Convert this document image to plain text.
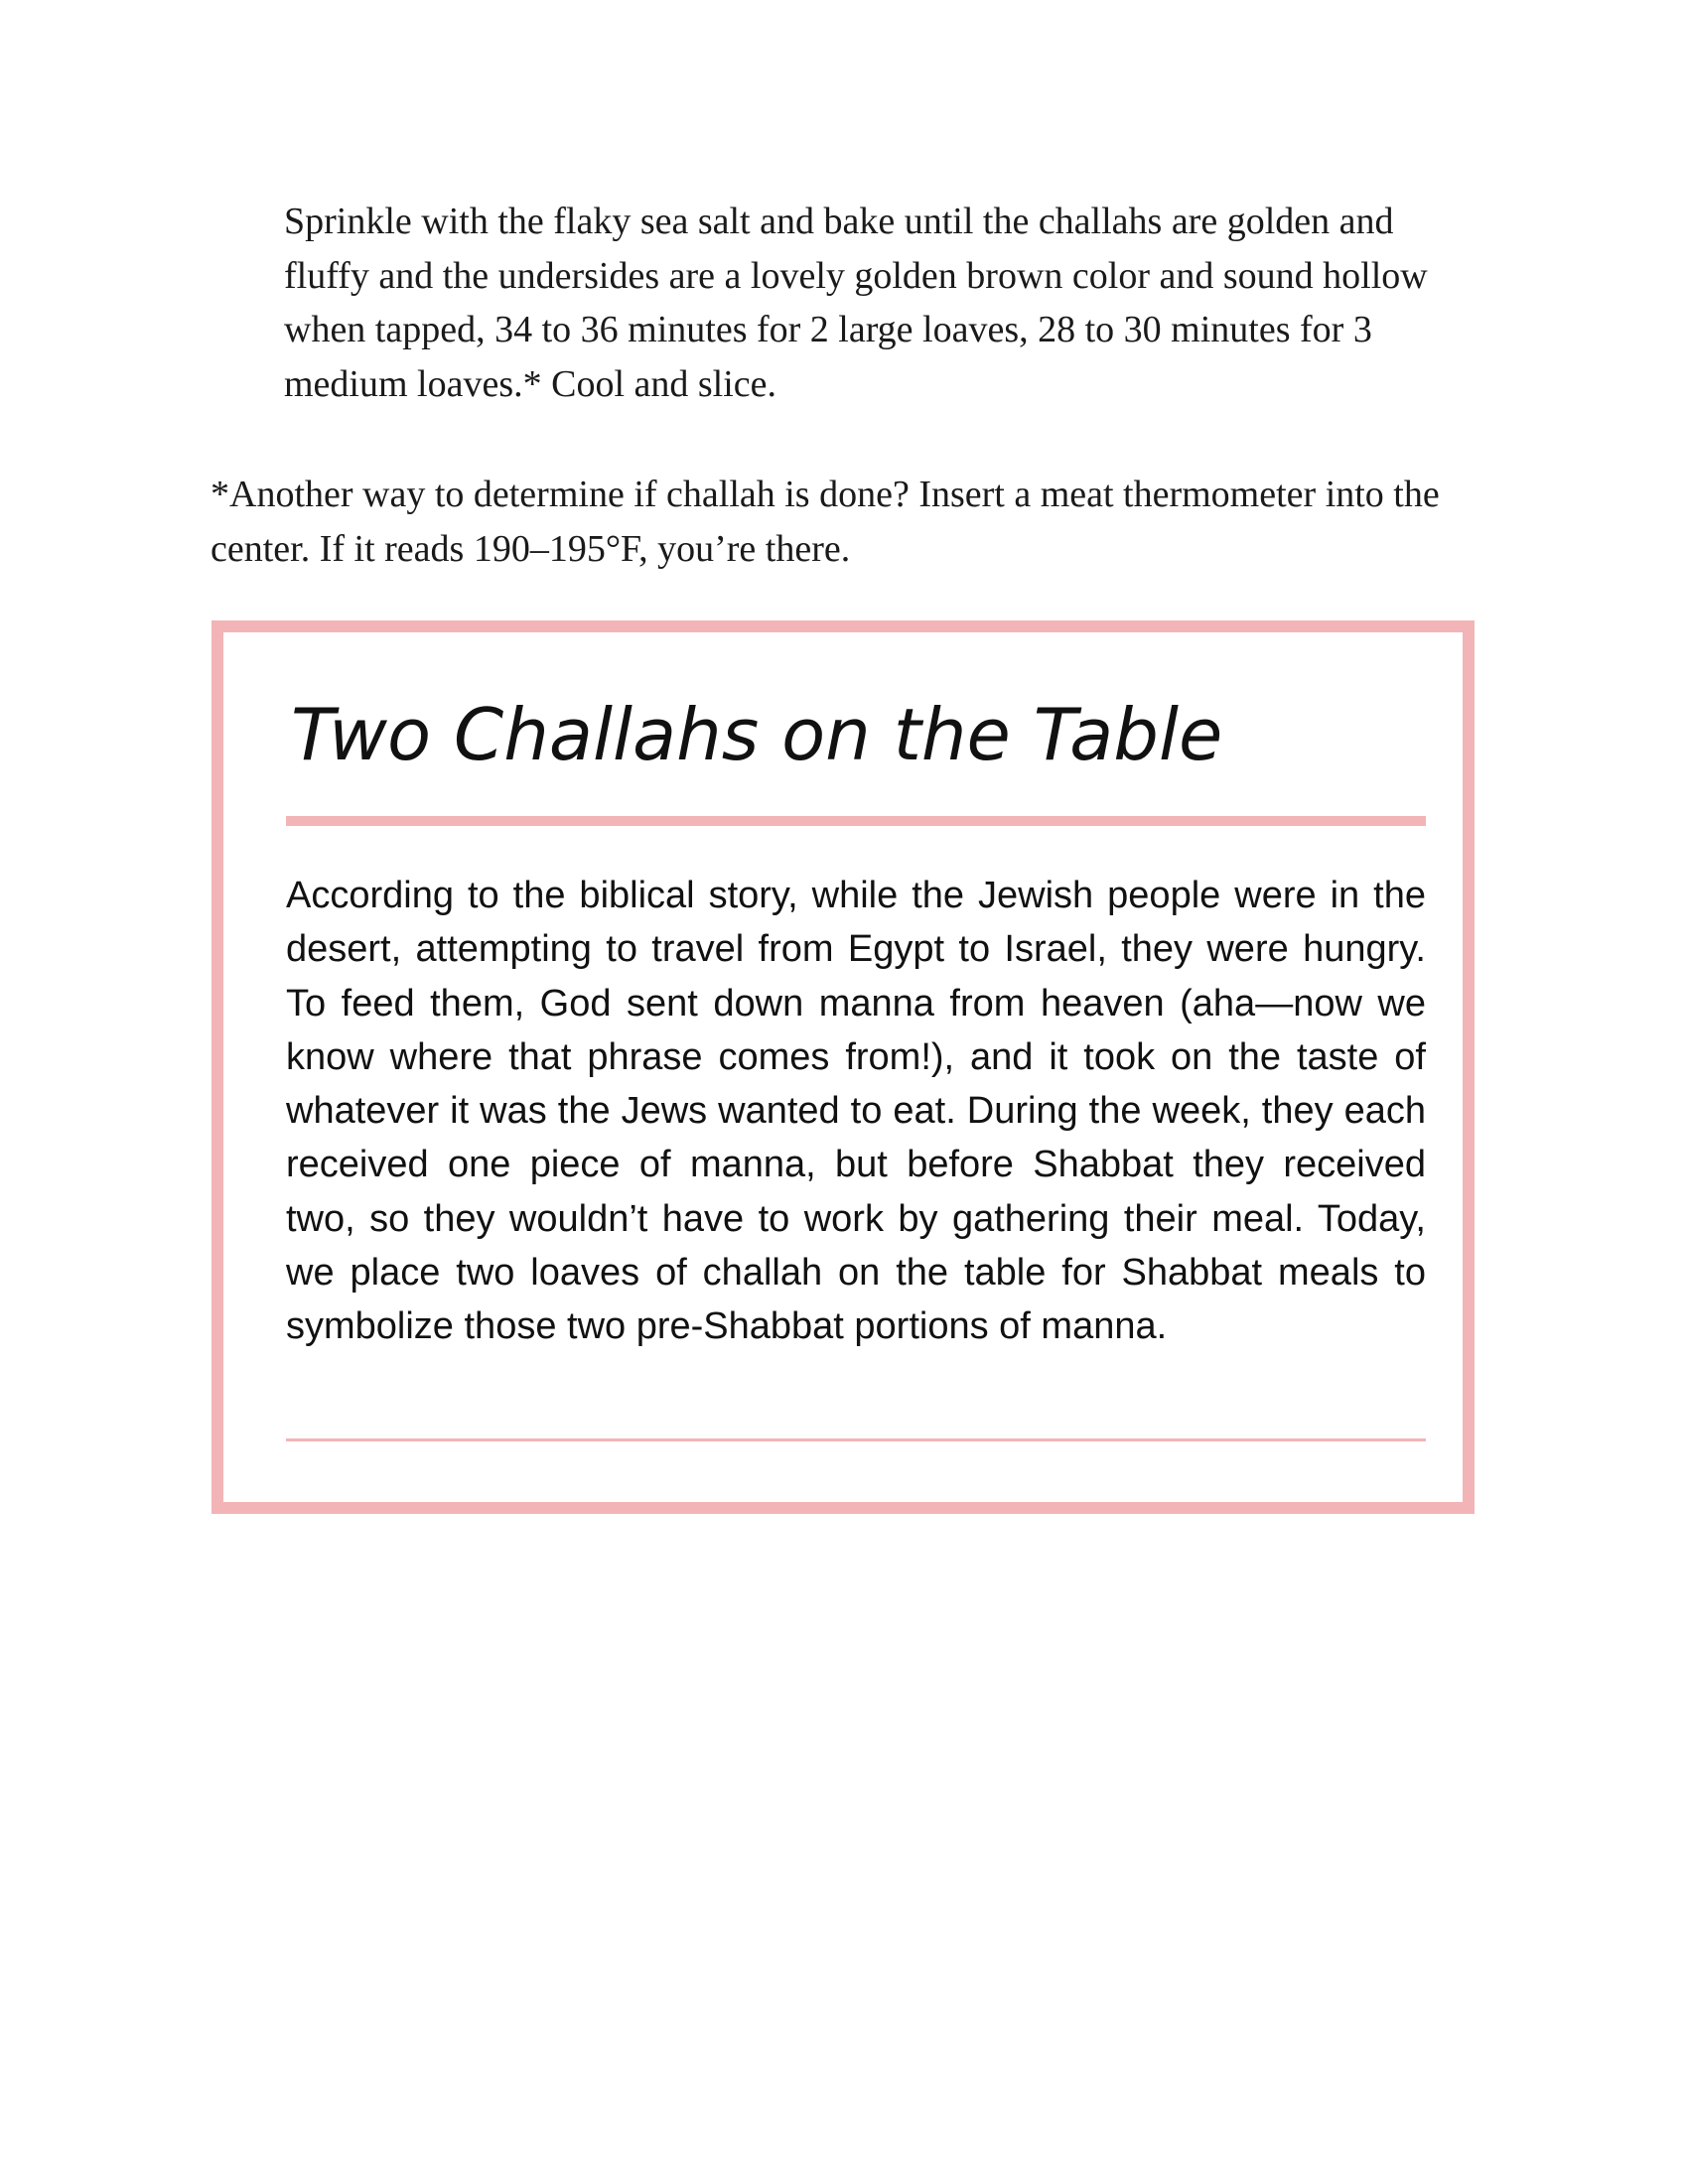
Sprinkle with the flaky sea salt and bake until the challahs are golden and fluffy and the undersides are a lovely golden brown color and sound hollow when tapped, 34 to 36 minutes for 2 large loaves, 28 to 30 minutes for 3 medium loaves.* Cool and slice.

*Another way to determine if challah is done? Insert a meat thermometer into the center. If it reads 190–195°F, you’re there.

Two Challahs on the Table

According to the biblical story, while the Jewish people were in the desert, attempting to travel from Egypt to Israel, they were hungry. To feed them, God sent down manna from heaven (aha—now we know where that phrase comes from!), and it took on the taste of whatever it was the Jews wanted to eat. During the week, they each received one piece of manna, but before Shabbat they received two, so they wouldn’t have to work by gathering their meal. Today, we place two loaves of challah on the table for Shabbat meals to symbolize those two pre-Shabbat portions of manna.
